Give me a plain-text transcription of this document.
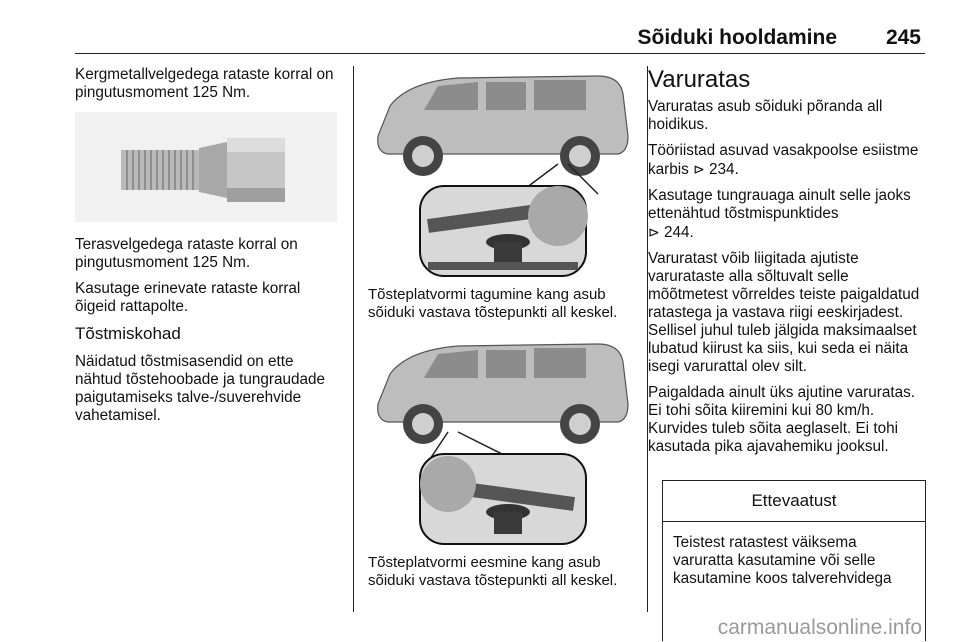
Sõiduki hooldamine 245

Kergmetallvelgedega rataste korral on pingutusmoment 125 Nm.

Terasvelgedega rataste korral on pingutusmoment 125 Nm.

Kasutage erinevate rataste korral õigeid rattapolte.

Tõstmiskohad

Näidatud tõstmisasendid on ette nähtud tõstehoobade ja tungraudade paigutamiseks talve-/suverehvide vahetamisel.

Tõsteplatvormi tagumine kang asub sõiduki vastava tõstepunkti all keskel.
Tõsteplatvormi eesmine kang asub sõiduki vastava tõstepunkti all keskel.
Varuratas

Varuratas asub sõiduki põranda all hoidikus.

Tööriistad asuvad vasakpoolse esiistme karbis ⊳ 234.

Kasutage tungrauaga ainult selle jaoks ettenähtud tõstmispunktides
⊳ 244.

Varuratast võib liigitada ajutiste varurataste alla sõltuvalt selle mõõtmetest võrreldes teiste paigaldatud ratastega ja vastava riigi eeskirjadest. Sellisel juhul tuleb jälgida maksimaalset lubatud kiirust ka siis, kui seda ei näita isegi varurattal olev silt.

Paigaldada ainult üks ajutine varuratas. Ei tohi sõita kiiremini kui 80 km/h. Kurvides tuleb sõita aeglaselt. Ei tohi kasutada pika ajavahemiku jooksul.

Ettevaatust
Teistest ratastest väiksema varuratta kasutamine või selle kasutamine koos talverehvidega
carmanualsonline.info
